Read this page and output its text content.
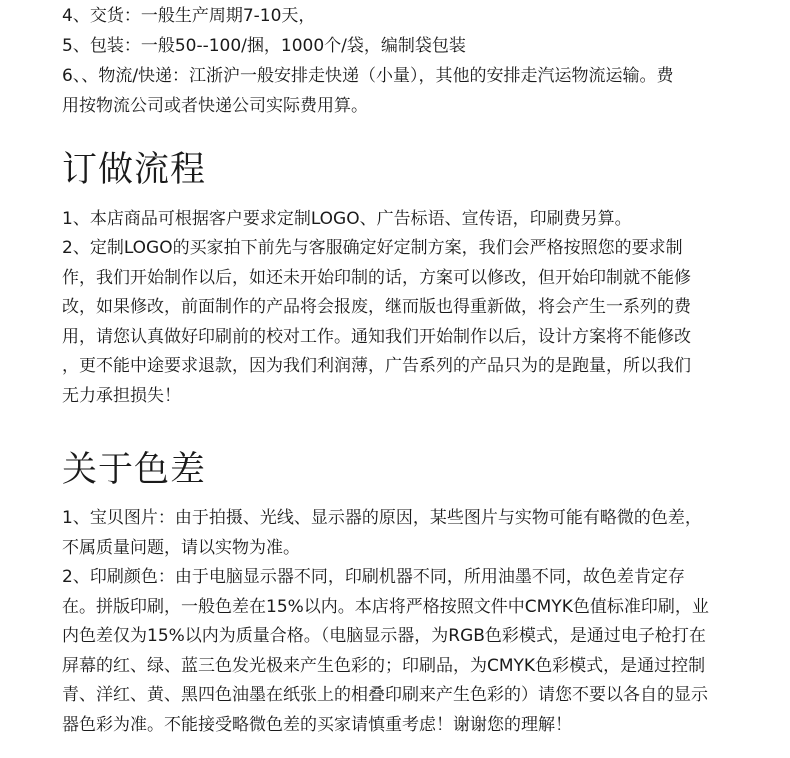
4、交货：一般生产周期7-10天，

5、包装：一般50--100/捆，1000个/袋，编制袋包装

6、、物流/快递：江浙沪一般安排走快递（小量），其他的安排走汽运物流运输。费
用按物流公司或者快递公司实际费用算。

订做流程

1、本店商品可根据客户要求定制LOGO、广告标语、宣传语，印刷费另算。

2、定制LOGO的买家拍下前先与客服确定好定制方案，我们会严格按照您的要求制
作，我们开始制作以后，如还未开始印制的话，方案可以修改，但开始印制就不能修
改，如果修改，前面制作的产品将会报废，继而版也得重新做，将会产生一系列的费
用，请您认真做好印刷前的校对工作。通知我们开始制作以后，设计方案将不能修改
，更不能中途要求退款，因为我们利润薄，广告系列的产品只为的是跑量，所以我们
无力承担损失！

关于色差

1、宝贝图片：由于拍摄、光线、显示器的原因，某些图片与实物可能有略微的色差，
不属质量问题，请以实物为准。

2、印刷颜色：由于电脑显示器不同，印刷机器不同，所用油墨不同，故色差肯定存
在。拼版印刷，一般色差在15%以内。本店将严格按照文件中CMYK色值标准印刷，业
内色差仅为15%以内为质量合格。（电脑显示器，为RGB色彩模式，是通过电子枪打在
屏幕的红、绿、蓝三色发光极来产生色彩的；印刷品，为CMYK色彩模式，是通过控制
青、洋红、黄、黑四色油墨在纸张上的相叠印刷来产生色彩的）请您不要以各自的显示
器色彩为准。不能接受略微色差的买家请慎重考虑！谢谢您的理解！
